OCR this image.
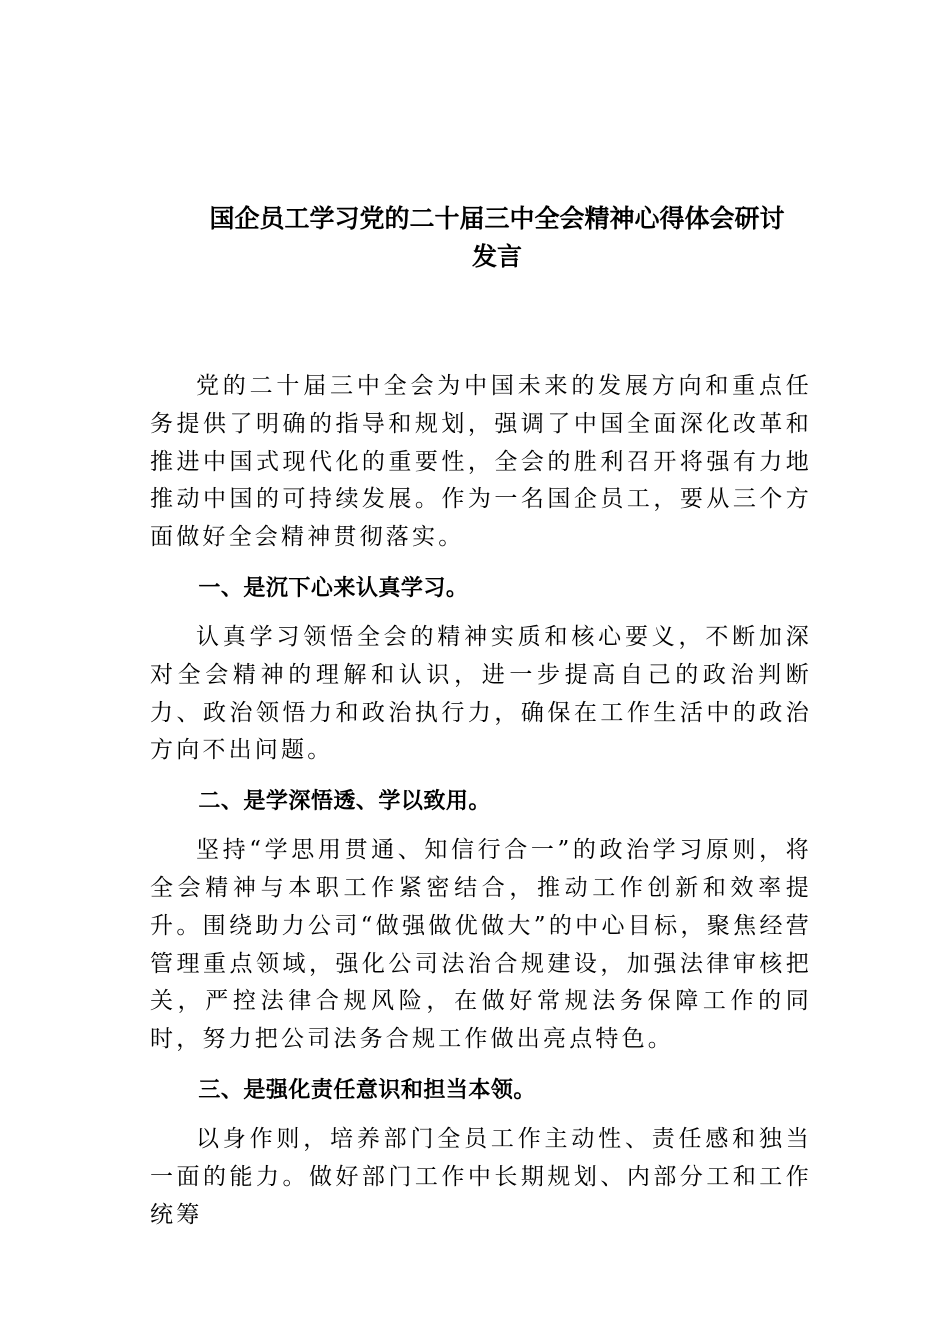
国企员工学习党的二十届三中全会精神心得体会研讨
发言

党的二十届三中全会为中国未来的发展方向和重点任务提供了明确的指导和规划，强调了中国全面深化改革和推进中国式现代化的重要性，全会的胜利召开将强有力地推动中国的可持续发展。作为一名国企员工，要从三个方面做好全会精神贯彻落实。

一、是沉下心来认真学习。

认真学习领悟全会的精神实质和核心要义，不断加深对全会精神的理解和认识，进一步提高自己的政治判断力、政治领悟力和政治执行力，确保在工作生活中的政治方向不出问题。

二、是学深悟透、学以致用。

坚持“学思用贯通、知信行合一”的政治学习原则，将全会精神与本职工作紧密结合，推动工作创新和效率提升。围绕助力公司“做强做优做大”的中心目标，聚焦经营管理重点领域，强化公司法治合规建设，加强法律审核把关，严控法律合规风险，在做好常规法务保障工作的同时，努力把公司法务合规工作做出亮点特色。

三、是强化责任意识和担当本领。

以身作则，培养部门全员工作主动性、责任感和独当一面的能力。做好部门工作中长期规划、内部分工和工作统筹
